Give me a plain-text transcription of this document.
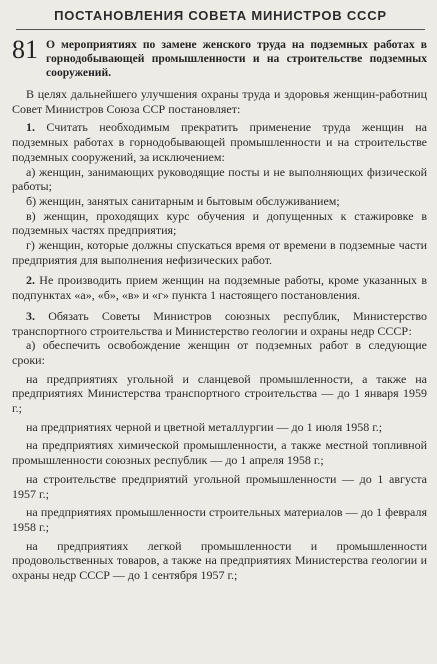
ПОСТАНОВЛЕНИЯ СОВЕТА МИНИСТРОВ СССР
81 О мероприятиях по замене женского труда на подземных работах в горнодобывающей промышленности и на строительстве подземных сооружений.

В целях дальнейшего улучшения охраны труда и здоровья женщин-работниц Совет Министров Союза ССР постановляет:

1. Считать необходимым прекратить применение труда женщин на подземных работах в горнодобывающей промышленности и на строительстве подземных сооружений, за исключением:

а) женщин, занимающих руководящие посты и не выполняющих физической работы;

б) женщин, занятых санитарным и бытовым обслуживанием;

в) женщин, проходящих курс обучения и допущенных к стажировке в подземных частях предприятия;

г) женщин, которые должны спускаться время от времени в подземные части предприятия для выполнения нефизических работ.

2. Не производить прием женщин на подземные работы, кроме указанных в подпунктах «а», «б», «в» и «г» пункта 1 настоящего постановления.

3. Обязать Советы Министров союзных республик, Министерство транспортного строительства и Министерство геологии и охраны недр СССР:

а) обеспечить освобождение женщин от подземных работ в следующие сроки:

на предприятиях угольной и сланцевой промышленности, а также на предприятиях Министерства транспортного строительства — до 1 января 1959 г.;

на предприятиях черной и цветной металлургии — до 1 июля 1958 г.;

на предприятиях химической промышленности, а также местной топливной промышленности союзных республик — до 1 апреля 1958 г.;

на строительстве предприятий угольной промышленности — до 1 августа 1957 г.;

на предприятиях промышленности строительных материалов — до 1 февраля 1958 г.;

на предприятиях легкой промышленности и промышленности продовольственных товаров, а также на предприятиях Министерства геологии и охраны недр СССР — до 1 сентября 1957 г.;
